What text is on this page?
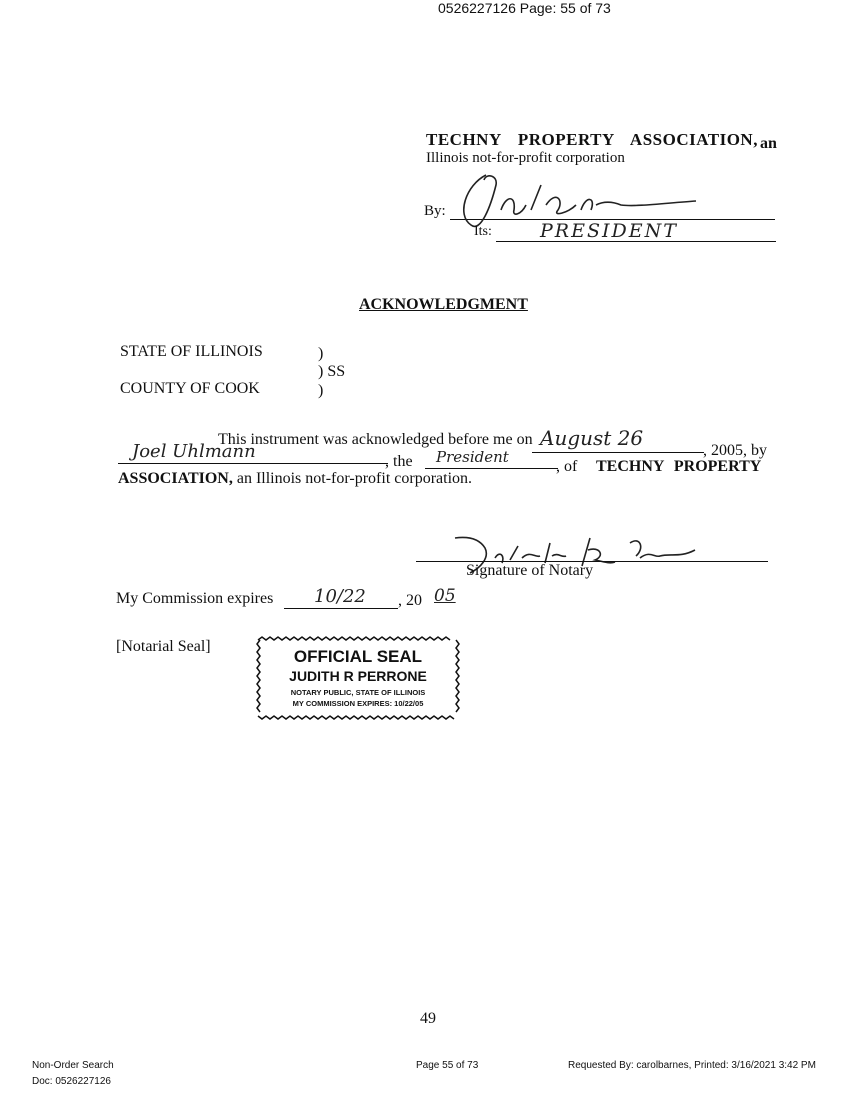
0526227126 Page: 55 of 73
TECHNY PROPERTY ASSOCIATION, an
Illinois not-for-profit corporation
By:
Its:	PRESIDENT
ACKNOWLEDGMENT
STATE OF ILLINOIS	)
) SS
COUNTY OF COOK	)
This instrument was acknowledged before me on August 26
, 2005, by
Joel Uhlmann	, the President
, of TECHNY PROPERTY
ASSOCIATION, an Illinois not-for-profit corporation.
Signature of Notary
My Commission expires 10/22 , 20 05
[Notarial Seal]
OFFICIAL SEAL
JUDITH R PERRONE
NOTARY PUBLIC, STATE OF ILLINOIS
MY COMMISSION EXPIRES: 10/22/05
49
Non-Order Search
Doc: 0526227126
Page 55 of 73	Requested By: carolbarnes, Printed: 3/16/2021 3:42 PM
